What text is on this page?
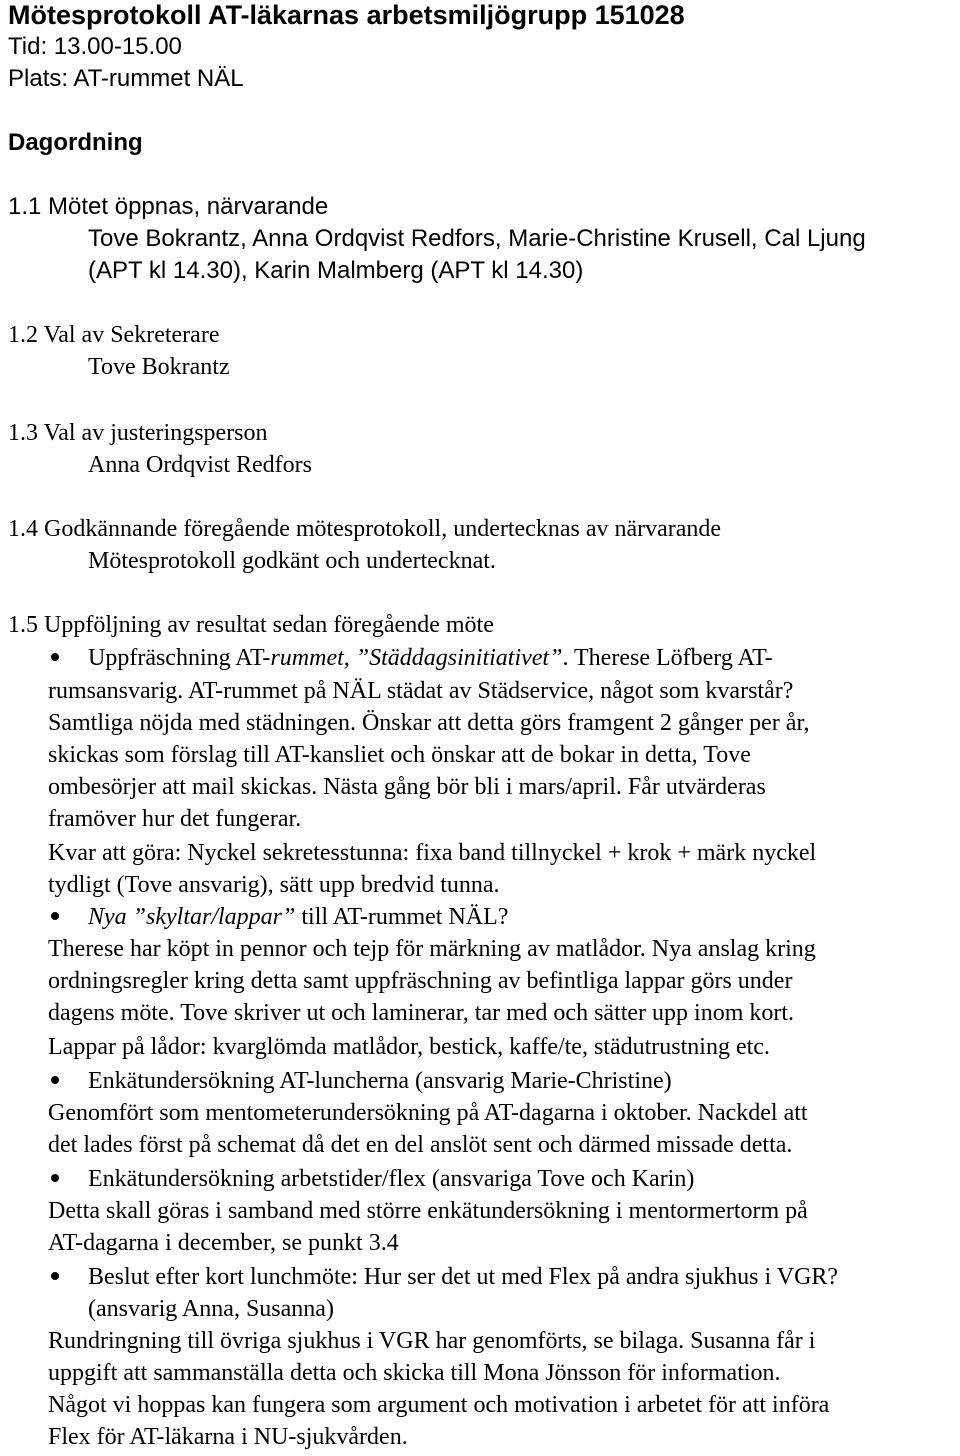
Mötesprotokoll AT-läkarnas arbetsmiljögrupp 151028
Tid: 13.00-15.00
Plats: AT-rummet NÄL
Dagordning
1.1 Mötet öppnas, närvarande
Tove Bokrantz, Anna Ordqvist Redfors, Marie-Christine Krusell, Cal Ljung
(APT kl 14.30), Karin Malmberg (APT kl 14.30)
1.2 Val av Sekreterare
Tove Bokrantz
1.3 Val av justeringsperson
Anna Ordqvist Redfors
1.4 Godkännande föregående mötesprotokoll, undertecknas av närvarande
Mötesprotokoll godkänt och undertecknat.
1.5 Uppföljning av resultat sedan föregående möte
Uppfräschning AT-rummet, ”Städdagsinitiativet”. Therese Löfberg AT-
rumsansvarig. AT-rummet på NÄL städat av Städservice, något som kvarstår?
Samtliga nöjda med städningen. Önskar att detta görs framgent 2 gånger per år,
skickas som förslag till AT-kansliet och önskar att de bokar in detta, Tove
ombesörjer att mail skickas. Nästa gång bör bli i mars/april. Får utvärderas
framöver hur det fungerar.
Kvar att göra: Nyckel sekretesstunna: fixa band tillnyckel + krok + märk nyckel
tydligt (Tove ansvarig), sätt upp bredvid tunna.
Nya ”skyltar/lappar” till AT-rummet NÄL?
Therese har köpt in pennor och tejp för märkning av matlådor. Nya anslag kring
ordningsregler kring detta samt uppfräschning av befintliga lappar görs under
dagens möte. Tove skriver ut och laminerar, tar med och sätter upp inom kort.
Lappar på lådor: kvarglömda matlådor, bestick, kaffe/te, städutrustning etc.
Enkätundersökning AT-luncherna (ansvarig Marie-Christine)
Genomfört som mentometerundersökning på AT-dagarna i oktober. Nackdel att
det lades först på schemat då det en del anslöt sent och därmed missade detta.
Enkätundersökning arbetstider/flex (ansvariga Tove och Karin)
Detta skall göras i samband med större enkätundersökning i mentormertorm på
AT-dagarna i december, se punkt 3.4
Beslut efter kort lunchmöte: Hur ser det ut med Flex på andra sjukhus i VGR?
(ansvarig Anna, Susanna)
Rundringning till övriga sjukhus i VGR har genomförts, se bilaga. Susanna får i
uppgift att sammanställa detta och skicka till Mona Jönsson för information.
Något vi hoppas kan fungera som argument och motivation i arbetet för att införa
Flex för AT-läkarna i NU-sjukvården.
